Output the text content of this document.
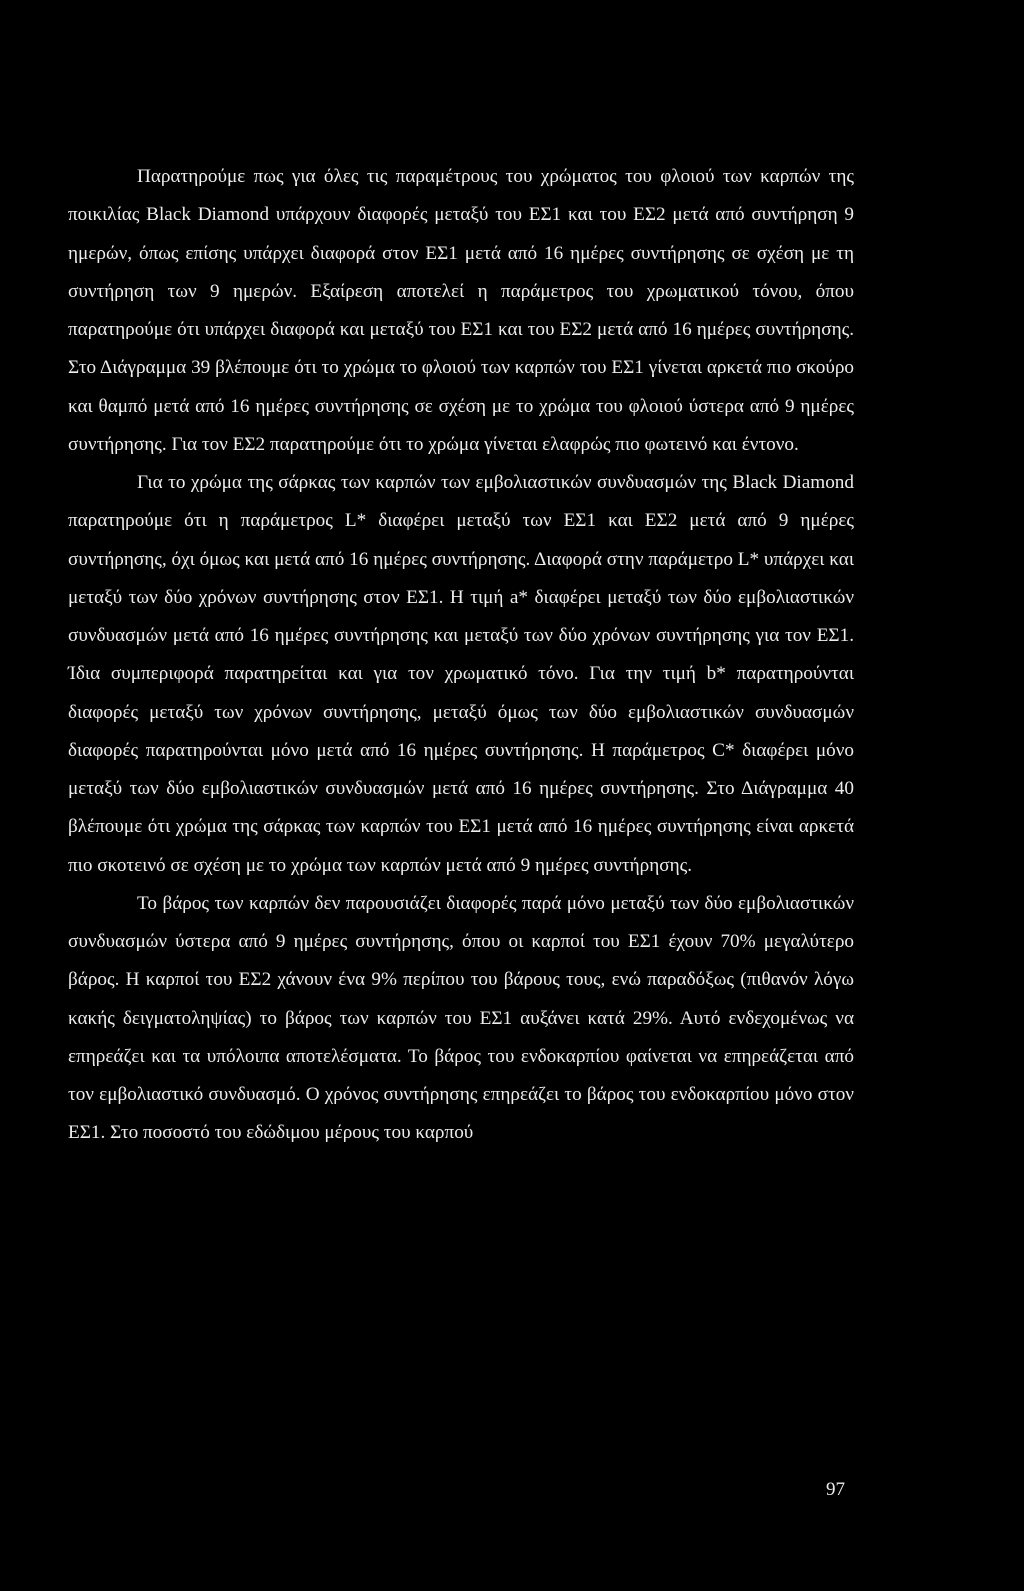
Παρατηρούμε πως για όλες τις παραμέτρους του χρώματος του φλοιού των καρπών της ποικιλίας Black Diamond υπάρχουν διαφορές μεταξύ του ΕΣ1 και του ΕΣ2 μετά από συντήρηση 9 ημερών, όπως επίσης υπάρχει διαφορά στον ΕΣ1 μετά από 16 ημέρες συντήρησης σε σχέση με τη συντήρηση των 9 ημερών. Εξαίρεση αποτελεί η παράμετρος του χρωματικού τόνου, όπου παρατηρούμε ότι υπάρχει διαφορά και μεταξύ του ΕΣ1 και του ΕΣ2 μετά από 16 ημέρες συντήρησης. Στο Διάγραμμα 39 βλέπουμε ότι το χρώμα το φλοιού των καρπών του ΕΣ1 γίνεται αρκετά πιο σκούρο και θαμπό μετά από 16 ημέρες συντήρησης σε σχέση με το χρώμα του φλοιού ύστερα από 9 ημέρες συντήρησης. Για τον ΕΣ2 παρατηρούμε ότι το χρώμα γίνεται ελαφρώς πιο φωτεινό και έντονο.

Για το χρώμα της σάρκας των καρπών των εμβολιαστικών συνδυασμών της Black Diamond παρατηρούμε ότι η παράμετρος L* διαφέρει μεταξύ των ΕΣ1 και ΕΣ2 μετά από 9 ημέρες συντήρησης, όχι όμως και μετά από 16 ημέρες συντήρησης. Διαφορά στην παράμετρο L* υπάρχει και μεταξύ των δύο χρόνων συντήρησης στον ΕΣ1. Η τιμή a* διαφέρει μεταξύ των δύο εμβολιαστικών συνδυασμών μετά από 16 ημέρες συντήρησης και μεταξύ των δύο χρόνων συντήρησης για τον ΕΣ1. Ίδια συμπεριφορά παρατηρείται και για τον χρωματικό τόνο. Για την τιμή b* παρατηρούνται διαφορές μεταξύ των χρόνων συντήρησης, μεταξύ όμως των δύο εμβολιαστικών συνδυασμών διαφορές παρατηρούνται μόνο μετά από 16 ημέρες συντήρησης. Η παράμετρος C* διαφέρει μόνο μεταξύ των δύο εμβολιαστικών συνδυασμών μετά από 16 ημέρες συντήρησης. Στο Διάγραμμα 40 βλέπουμε ότι χρώμα της σάρκας των καρπών του ΕΣ1 μετά από 16 ημέρες συντήρησης είναι αρκετά πιο σκοτεινό σε σχέση με το χρώμα των καρπών μετά από 9 ημέρες συντήρησης.

Το βάρος των καρπών δεν παρουσιάζει διαφορές παρά μόνο μεταξύ των δύο εμβολιαστικών συνδυασμών ύστερα από 9 ημέρες συντήρησης, όπου οι καρποί του ΕΣ1 έχουν 70% μεγαλύτερο βάρος. Η καρποί του ΕΣ2 χάνουν ένα 9% περίπου του βάρους τους, ενώ παραδόξως (πιθανόν λόγω κακής δειγματοληψίας) το βάρος των καρπών του ΕΣ1 αυξάνει κατά 29%. Αυτό ενδεχομένως να επηρεάζει και τα υπόλοιπα αποτελέσματα. Το βάρος του ενδοκαρπίου φαίνεται να επηρεάζεται από τον εμβολιαστικό συνδυασμό. Ο χρόνος συντήρησης επηρεάζει το βάρος του ενδοκαρπίου μόνο στον ΕΣ1. Στο ποσοστό του εδώδιμου μέρους του καρπού

97
